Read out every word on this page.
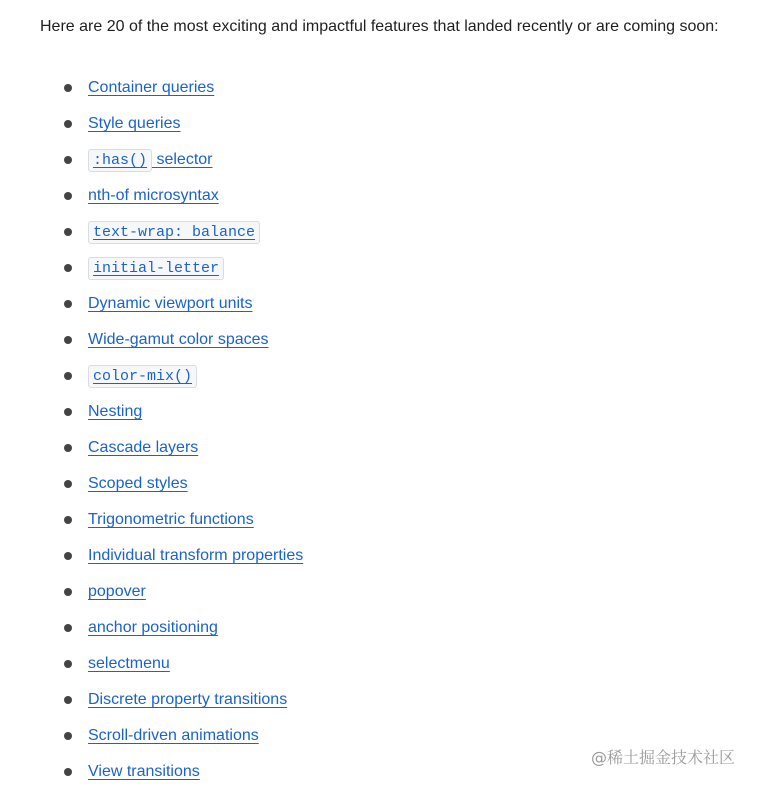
Here are 20 of the most exciting and impactful features that landed recently or are coming soon:

Container queries
Style queries
:has() selector
nth-of microsyntax
text-wrap: balance
initial-letter
Dynamic viewport units
Wide-gamut color spaces
color-mix()
Nesting
Cascade layers
Scoped styles
Trigonometric functions
Individual transform properties
popover
anchor positioning
selectmenu
Discrete property transitions
Scroll-driven animations
View transitions
@稀土掘金技术社区
